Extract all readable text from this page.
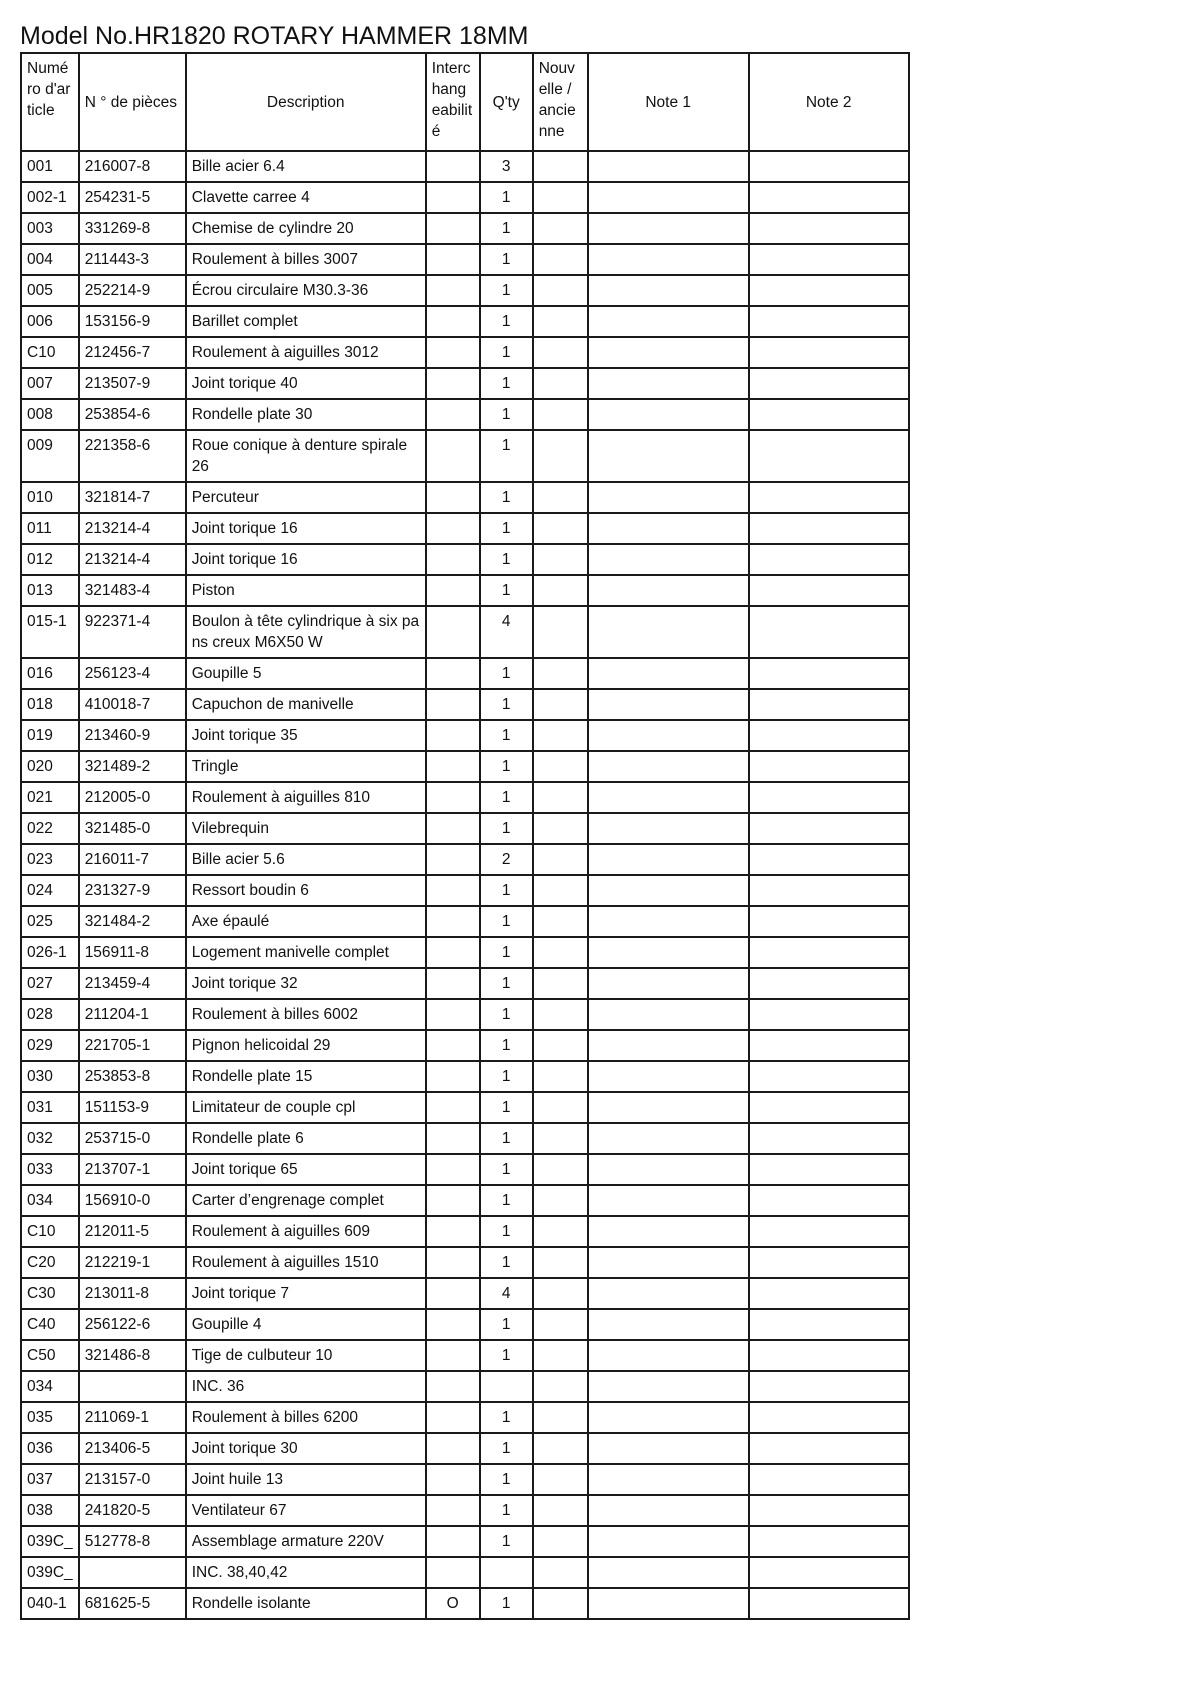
Model No.HR1820 ROTARY HAMMER 18MM
Numéro d'article	N ° de pièces	Description	Interchangeabilité	Q'ty	Nouvelle / ancienne	Note 1	Note 2
001	216007-8	Bille acier 6.4		3			
002-1	254231-5	Clavette carree 4		1			
003	331269-8	Chemise de cylindre 20		1			
004	211443-3	Roulement à billes 3007		1			
005	252214-9	Écrou circulaire M30.3-36		1			
006	153156-9	Barillet complet		1			
C10	212456-7	Roulement à aiguilles 3012		1			
007	213507-9	Joint torique 40		1			
008	253854-6	Rondelle plate 30		1			
009	221358-6	Roue conique à denture spirale 26		1			
010	321814-7	Percuteur		1			
011	213214-4	Joint torique 16		1			
012	213214-4	Joint torique 16		1			
013	321483-4	Piston		1			
015-1	922371-4	Boulon à tête cylindrique à six pans creux M6X50 W		4			
016	256123-4	Goupille 5		1			
018	410018-7	Capuchon de manivelle		1			
019	213460-9	Joint torique 35		1			
020	321489-2	Tringle		1			
021	212005-0	Roulement à aiguilles 810		1			
022	321485-0	Vilebrequin		1			
023	216011-7	Bille acier 5.6		2			
024	231327-9	Ressort boudin 6		1			
025	321484-2	Axe épaulé		1			
026-1	156911-8	Logement manivelle complet		1			
027	213459-4	Joint torique 32		1			
028	211204-1	Roulement à billes 6002		1			
029	221705-1	Pignon helicoidal 29		1			
030	253853-8	Rondelle plate 15		1			
031	151153-9	Limitateur de couple cpl		1			
032	253715-0	Rondelle plate 6		1			
033	213707-1	Joint torique 65		1			
034	156910-0	Carter d’engrenage complet		1			
C10	212011-5	Roulement à aiguilles 609		1			
C20	212219-1	Roulement à aiguilles 1510		1			
C30	213011-8	Joint torique 7		4			
C40	256122-6	Goupille 4		1			
C50	321486-8	Tige de culbuteur 10		1			
034		INC. 36					
035	211069-1	Roulement à billes 6200		1			
036	213406-5	Joint torique 30		1			
037	213157-0	Joint huile 13		1			
038	241820-5	Ventilateur 67		1			
039C_	512778-8	Assemblage armature 220V		1			
039C_		INC. 38,40,42					
040-1	681625-5	Rondelle isolante	O	1			
